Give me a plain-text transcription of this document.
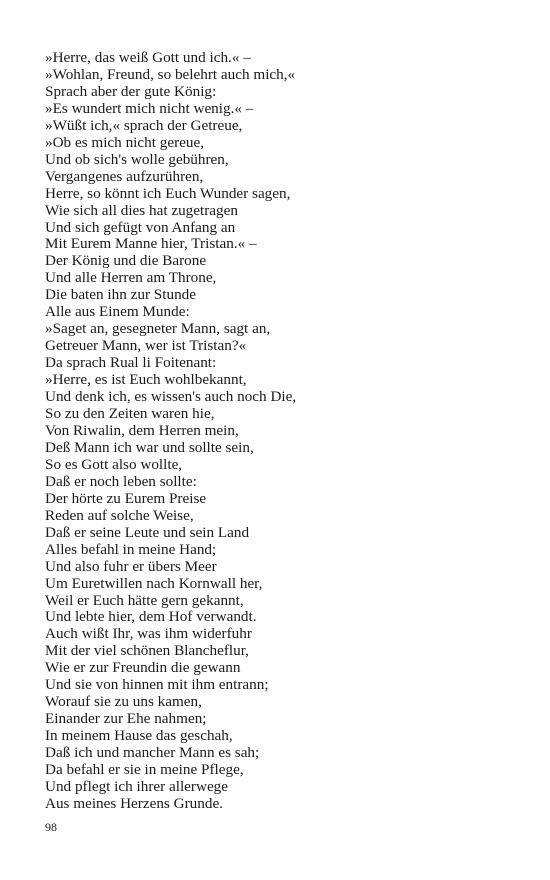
»Herre, das weiß Gott und ich.« –
»Wohlan, Freund, so belehrt auch mich,«
Sprach aber der gute König:
»Es wundert mich nicht wenig.« –
»Wüßt ich,« sprach der Getreue,
»Ob es mich nicht gereue,
Und ob sich's wolle gebühren,
Vergangenes aufzurühren,
Herre, so könnt ich Euch Wunder sagen,
Wie sich all dies hat zugetragen
Und sich gefügt von Anfang an
Mit Eurem Manne hier, Tristan.« –
Der König und die Barone
Und alle Herren am Throne,
Die baten ihn zur Stunde
Alle aus Einem Munde:
»Saget an, gesegneter Mann, sagt an,
Getreuer Mann, wer ist Tristan?«
Da sprach Rual li Foitenant:
»Herre, es ist Euch wohlbekannt,
Und denk ich, es wissen's auch noch Die,
So zu den Zeiten waren hie,
Von Riwalin, dem Herren mein,
Deß Mann ich war und sollte sein,
So es Gott also wollte,
Daß er noch leben sollte:
Der hörte zu Eurem Preise
Reden auf solche Weise,
Daß er seine Leute und sein Land
Alles befahl in meine Hand;
Und also fuhr er übers Meer
Um Euretwillen nach Kornwall her,
Weil er Euch hätte gern gekannt,
Und lebte hier, dem Hof verwandt.
Auch wißt Ihr, was ihm widerfuhr
Mit der viel schönen Blancheflur,
Wie er zur Freundin die gewann
Und sie von hinnen mit ihm entrann;
Worauf sie zu uns kamen,
Einander zur Ehe nahmen;
In meinem Hause das geschah,
Daß ich und mancher Mann es sah;
Da befahl er sie in meine Pflege,
Und pflegt ich ihrer allerwege
Aus meines Herzens Grunde.
98
